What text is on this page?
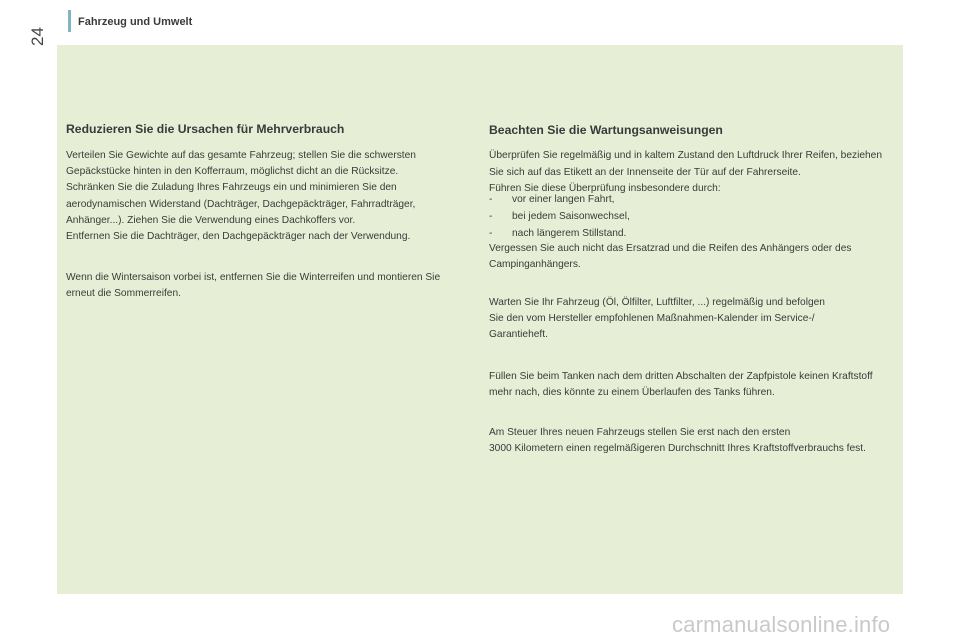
Fahrzeug und Umwelt
24
Reduzieren Sie die Ursachen für Mehrverbrauch

Verteilen Sie Gewichte auf das gesamte Fahrzeug; stellen Sie die schwersten Gepäckstücke hinten in den Kofferraum, möglichst dicht an die Rücksitze.
Schränken Sie die Zuladung Ihres Fahrzeugs ein und minimieren Sie den aerodynamischen Widerstand (Dachträger, Dachgepäckträger, Fahrradträger, Anhänger...). Ziehen Sie die Verwendung eines Dachkoffers vor.
Entfernen Sie die Dachträger, den Dachgepäckträger nach der Verwendung.

Wenn die Wintersaison vorbei ist, entfernen Sie die Winterreifen und montieren Sie erneut die Sommerreifen.

Beachten Sie die Wartungsanweisungen

Überprüfen Sie regelmäßig und in kaltem Zustand den Luftdruck Ihrer Reifen, beziehen Sie sich auf das Etikett an der Innenseite der Tür auf der Fahrerseite.
Führen Sie diese Überprüfung insbesondere durch:

- vor einer langen Fahrt,
- bei jedem Saisonwechsel,
- nach längerem Stillstand.

Vergessen Sie auch nicht das Ersatzrad und die Reifen des Anhängers oder des Campinganhängers.

Warten Sie Ihr Fahrzeug (Öl, Ölfilter, Luftfilter, ...) regelmäßig und befolgen
Sie den vom Hersteller empfohlenen Maßnahmen-Kalender im Service-/
Garantieheft.

Füllen Sie beim Tanken nach dem dritten Abschalten der Zapfpistole keinen Kraftstoff mehr nach, dies könnte zu einem Überlaufen des Tanks führen.

Am Steuer Ihres neuen Fahrzeugs stellen Sie erst nach den ersten
3000 Kilometern einen regelmäßigeren Durchschnitt Ihres Kraftstoffverbrauchs fest.

carmanualsonline.info
